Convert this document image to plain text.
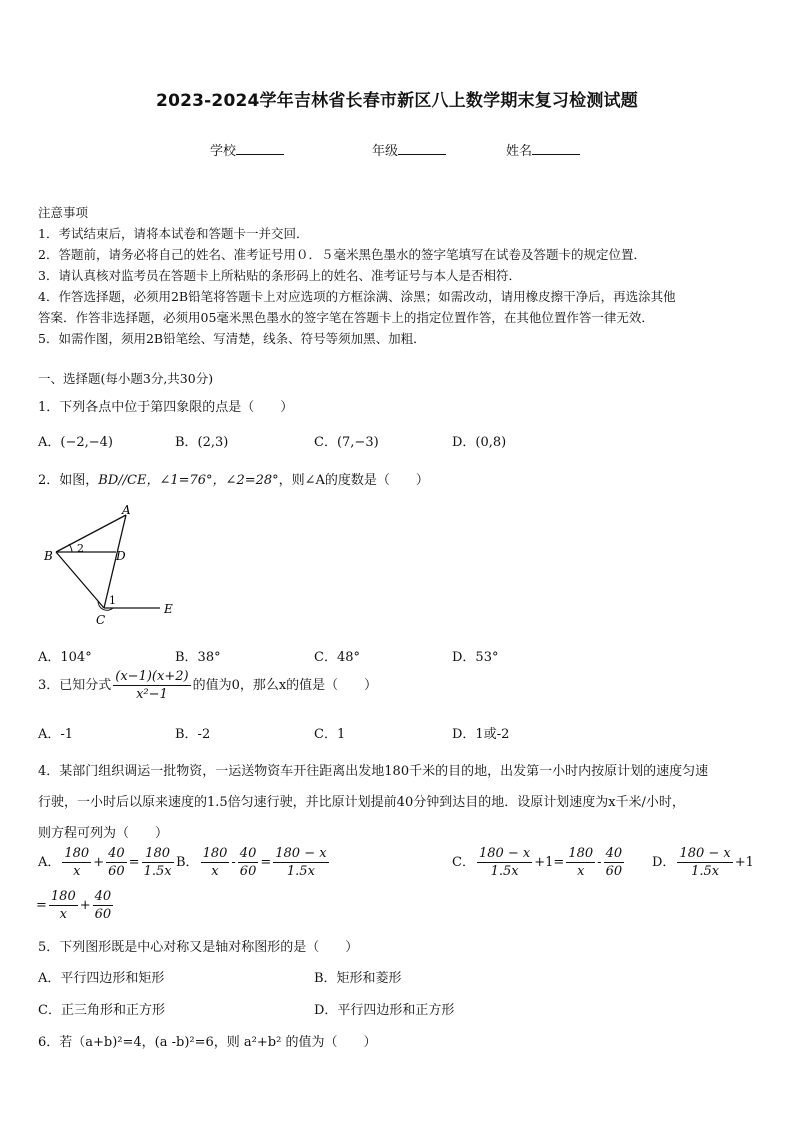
2023-2024学年吉林省长春市新区八上数学期末复习检测试题
学校	年级	姓名
注意事项
1．考试结束后，请将本试卷和答题卡一并交回．
2．答题前，请务必将自己的姓名、准考证号用０．５毫米黑色墨水的签字笔填写在试卷及答题卡的规定位置．
3．请认真核对监考员在答题卡上所粘贴的条形码上的姓名、准考证号与本人是否相符．
4．作答选择题，必须用2B铅笔将答题卡上对应选项的方框涂满、涂黑；如需改动，请用橡皮擦干净后，再选涂其他
答案．作答非选择题，必须用05毫米黑色墨水的签字笔在答题卡上的指定位置作答，在其他位置作答一律无效．
5．如需作图，须用2B铅笔绘、写清楚，线条、符号等须加黑、加粗．
一、选择题(每小题3分,共30分)
1．下列各点中位于第四象限的点是（　　）
A．(−2,−4)	B．(2,3)	C．(7,−3)	D．(0,8)
2．如图，BD//CE，∠1=76°，∠2=28°，则∠A的度数是（　　）
A
B
C
D
E
1
2
A．104°	B．38°	C．48°	D．53°
3．已知分式 $\frac{(x-1)(x+2)}{\text{x²−1}}$ 的值为0，那么x的值是（　　）
A．-1	B．-2	C．1	D．1或-2
4．某部门组织调运一批物资，一运送物资车开往距离出发地180千米的目的地，出发第一小时内按原计划的速度匀速
行驶，一小时后以原来速度的1.5倍匀速行驶，并比原计划提前40分钟到达目的地．设原计划速度为x千米/小时，
则方程可列为（　　）
A． $\frac{180}{x} + \frac{40}{60} = \frac{180}{1.5x}$ B． $\frac{180}{x} - \frac{40}{60} = \frac{180 - x}{1.5x}$	C． $\frac{180 - x}{1.5x} +1= \frac{180}{x} - \frac{40}{60}$ D． $\frac{180 - x}{1.5x} +1$
= $\frac{180}{x} + \frac{40}{60}$
5．下列图形既是中心对称又是轴对称图形的是（　　）
A．平行四边形和矩形	B．矩形和菱形
C．正三角形和正方形	D．平行四边形和正方形
6．若（a+b)²=4，(a -b)²=6，则 a²+b² 的值为（　　）
